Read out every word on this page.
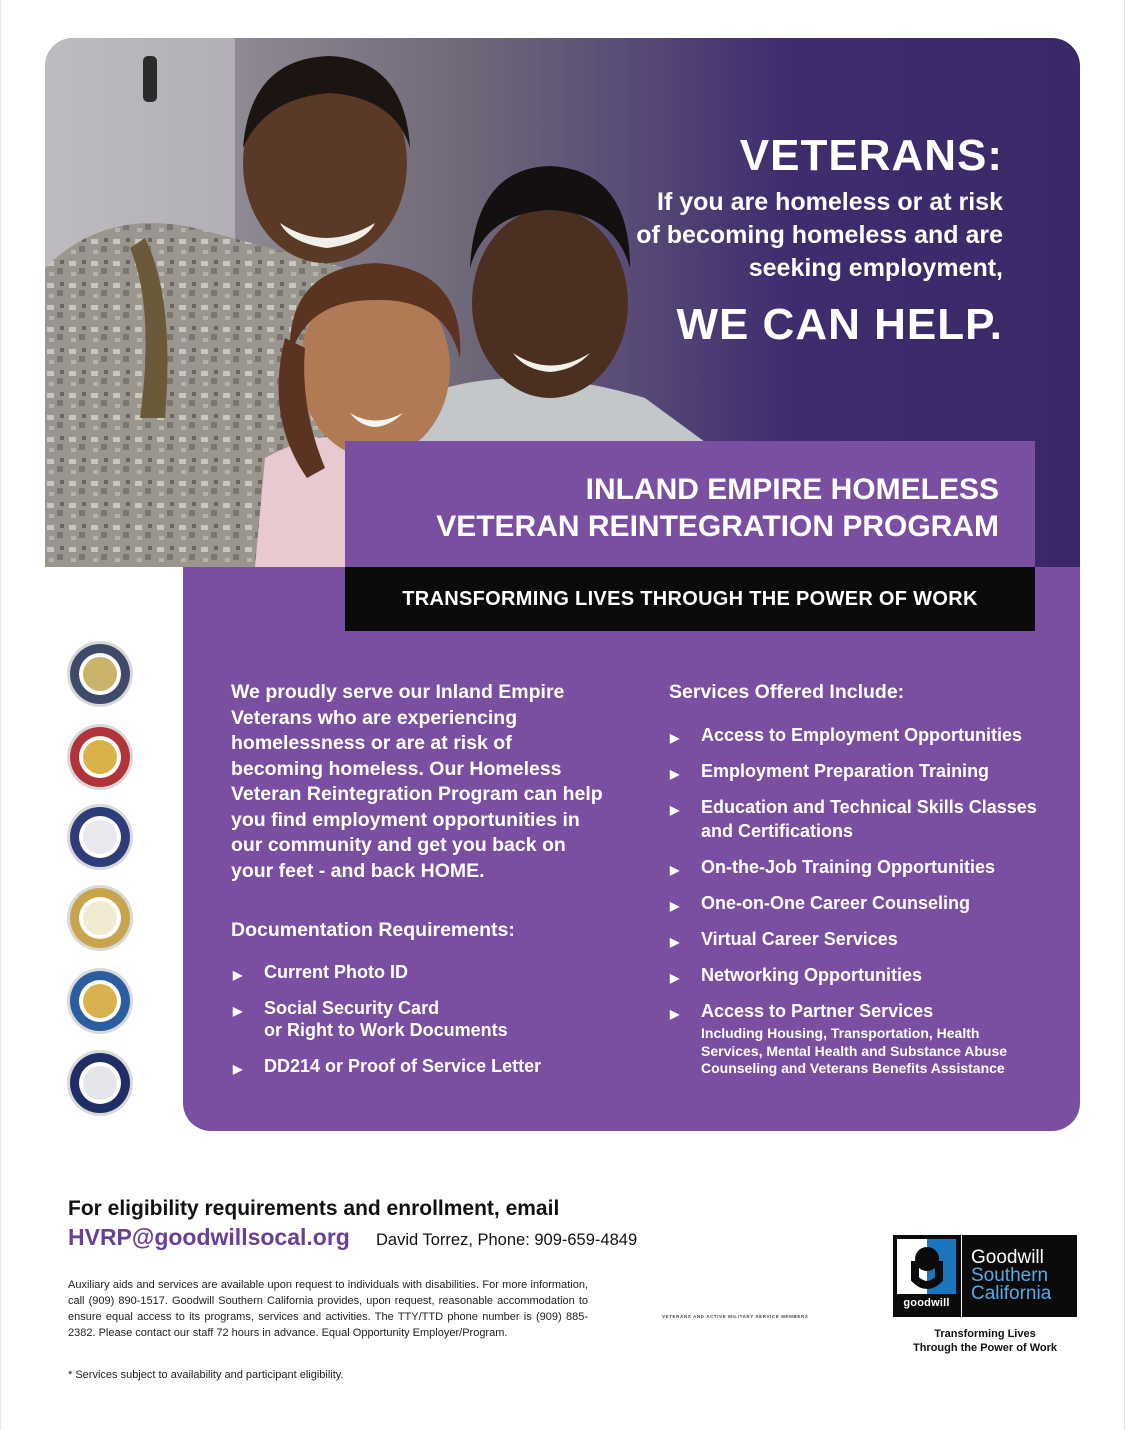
VETERANS:
If you are homeless or at risk
of becoming homeless and are
seeking employment,
WE CAN HELP.
INLAND EMPIRE HOMELESS
VETERAN REINTEGRATION PROGRAM
TRANSFORMING LIVES THROUGH THE POWER OF WORK
We proudly serve our Inland Empire
Veterans who are experiencing
homelessness or are at risk of
becoming homeless. Our Homeless
Veteran Reintegration Program can help
you find employment opportunities in
our community and get you back on
your feet - and back HOME.
Documentation Requirements:
▶ Current Photo ID
▶ Social Security Card
or Right to Work Documents
▶ DD214 or Proof of Service Letter
Services Offered Include:
▶ Access to Employment Opportunities
▶ Employment Preparation Training
▶ Education and Technical Skills Classes
and Certifications
▶ On-the-Job Training Opportunities
▶ One-on-One Career Counseling
▶ Virtual Career Services
▶ Networking Opportunities
▶ Access to Partner Services
Including Housing, Transportation, Health
Services, Mental Health and Substance Abuse
Counseling and Veterans Benefits Assistance
For eligibility requirements and enrollment, email
HVRP@goodwillsocal.org David Torrez, Phone: 909-659-4849
Auxiliary aids and services are available upon request to individuals with disabilities. For more information, call (909) 890-1517. Goodwill Southern California provides, upon request, reasonable accommodation to ensure equal access to its programs, services and activities. The TTY/TTD phone number is (909) 885-2382. Please contact our staff 72 hours in advance. Equal Opportunity Employer/Program.
* Services subject to availability and participant eligibility.
VETERANS AND ACTIVE MILITARY SERVICE MEMBERS
goodwill
Goodwill
Southern
California
Transforming Lives
Through the Power of Work
